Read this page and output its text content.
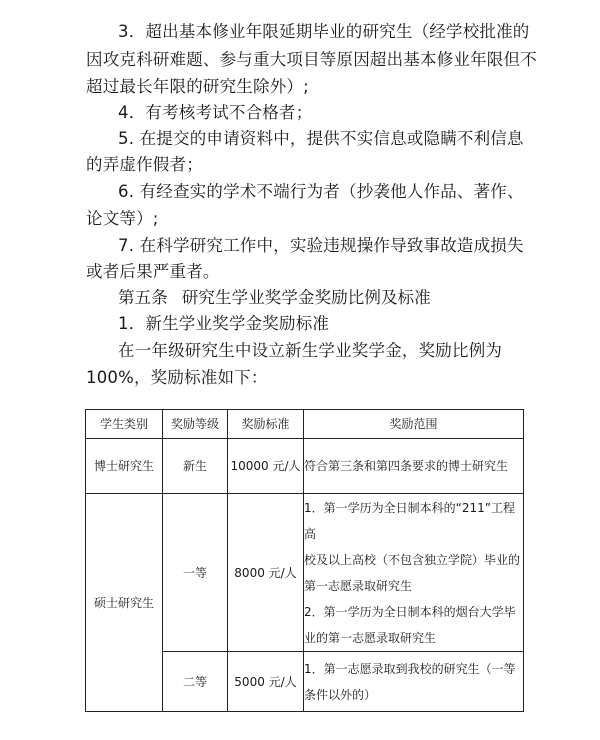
3．超出基本修业年限延期毕业的研究生（经学校批准的
因攻克科研难题、参与重大项目等原因超出基本修业年限但不
超过最长年限的研究生除外）;
4．有考核考试不合格者；
5. 在提交的申请资料中，提供不实信息或隐瞒不利信息
的弄虚作假者；
6. 有经查实的学术不端行为者（抄袭他人作品、著作、
论文等）;
7. 在科学研究工作中，实验违规操作导致事故造成损失
或者后果严重者。
第五条 研究生学业奖学金奖励比例及标准
1．新生学业奖学金奖励标准
在一年级研究生中设立新生学业奖学金，奖励比例为
100%，奖励标准如下：
学生类别	奖励等级	奖励标准	奖励范围
博士研究生	新生	10000 元/人	符合第三条和第四条要求的博士研究生
硕士研究生	一等	8000 元/人	1．第一学历为全日制本科的“211”工程高

校及以上高校（不包含独立学院）毕业的

第一志愿录取研究生

2．第一学历为全日制本科的烟台大学毕

业的第一志愿录取研究生

	二等	5000 元/人	1．第一志愿录取到我校的研究生（一等

条件以外的）
